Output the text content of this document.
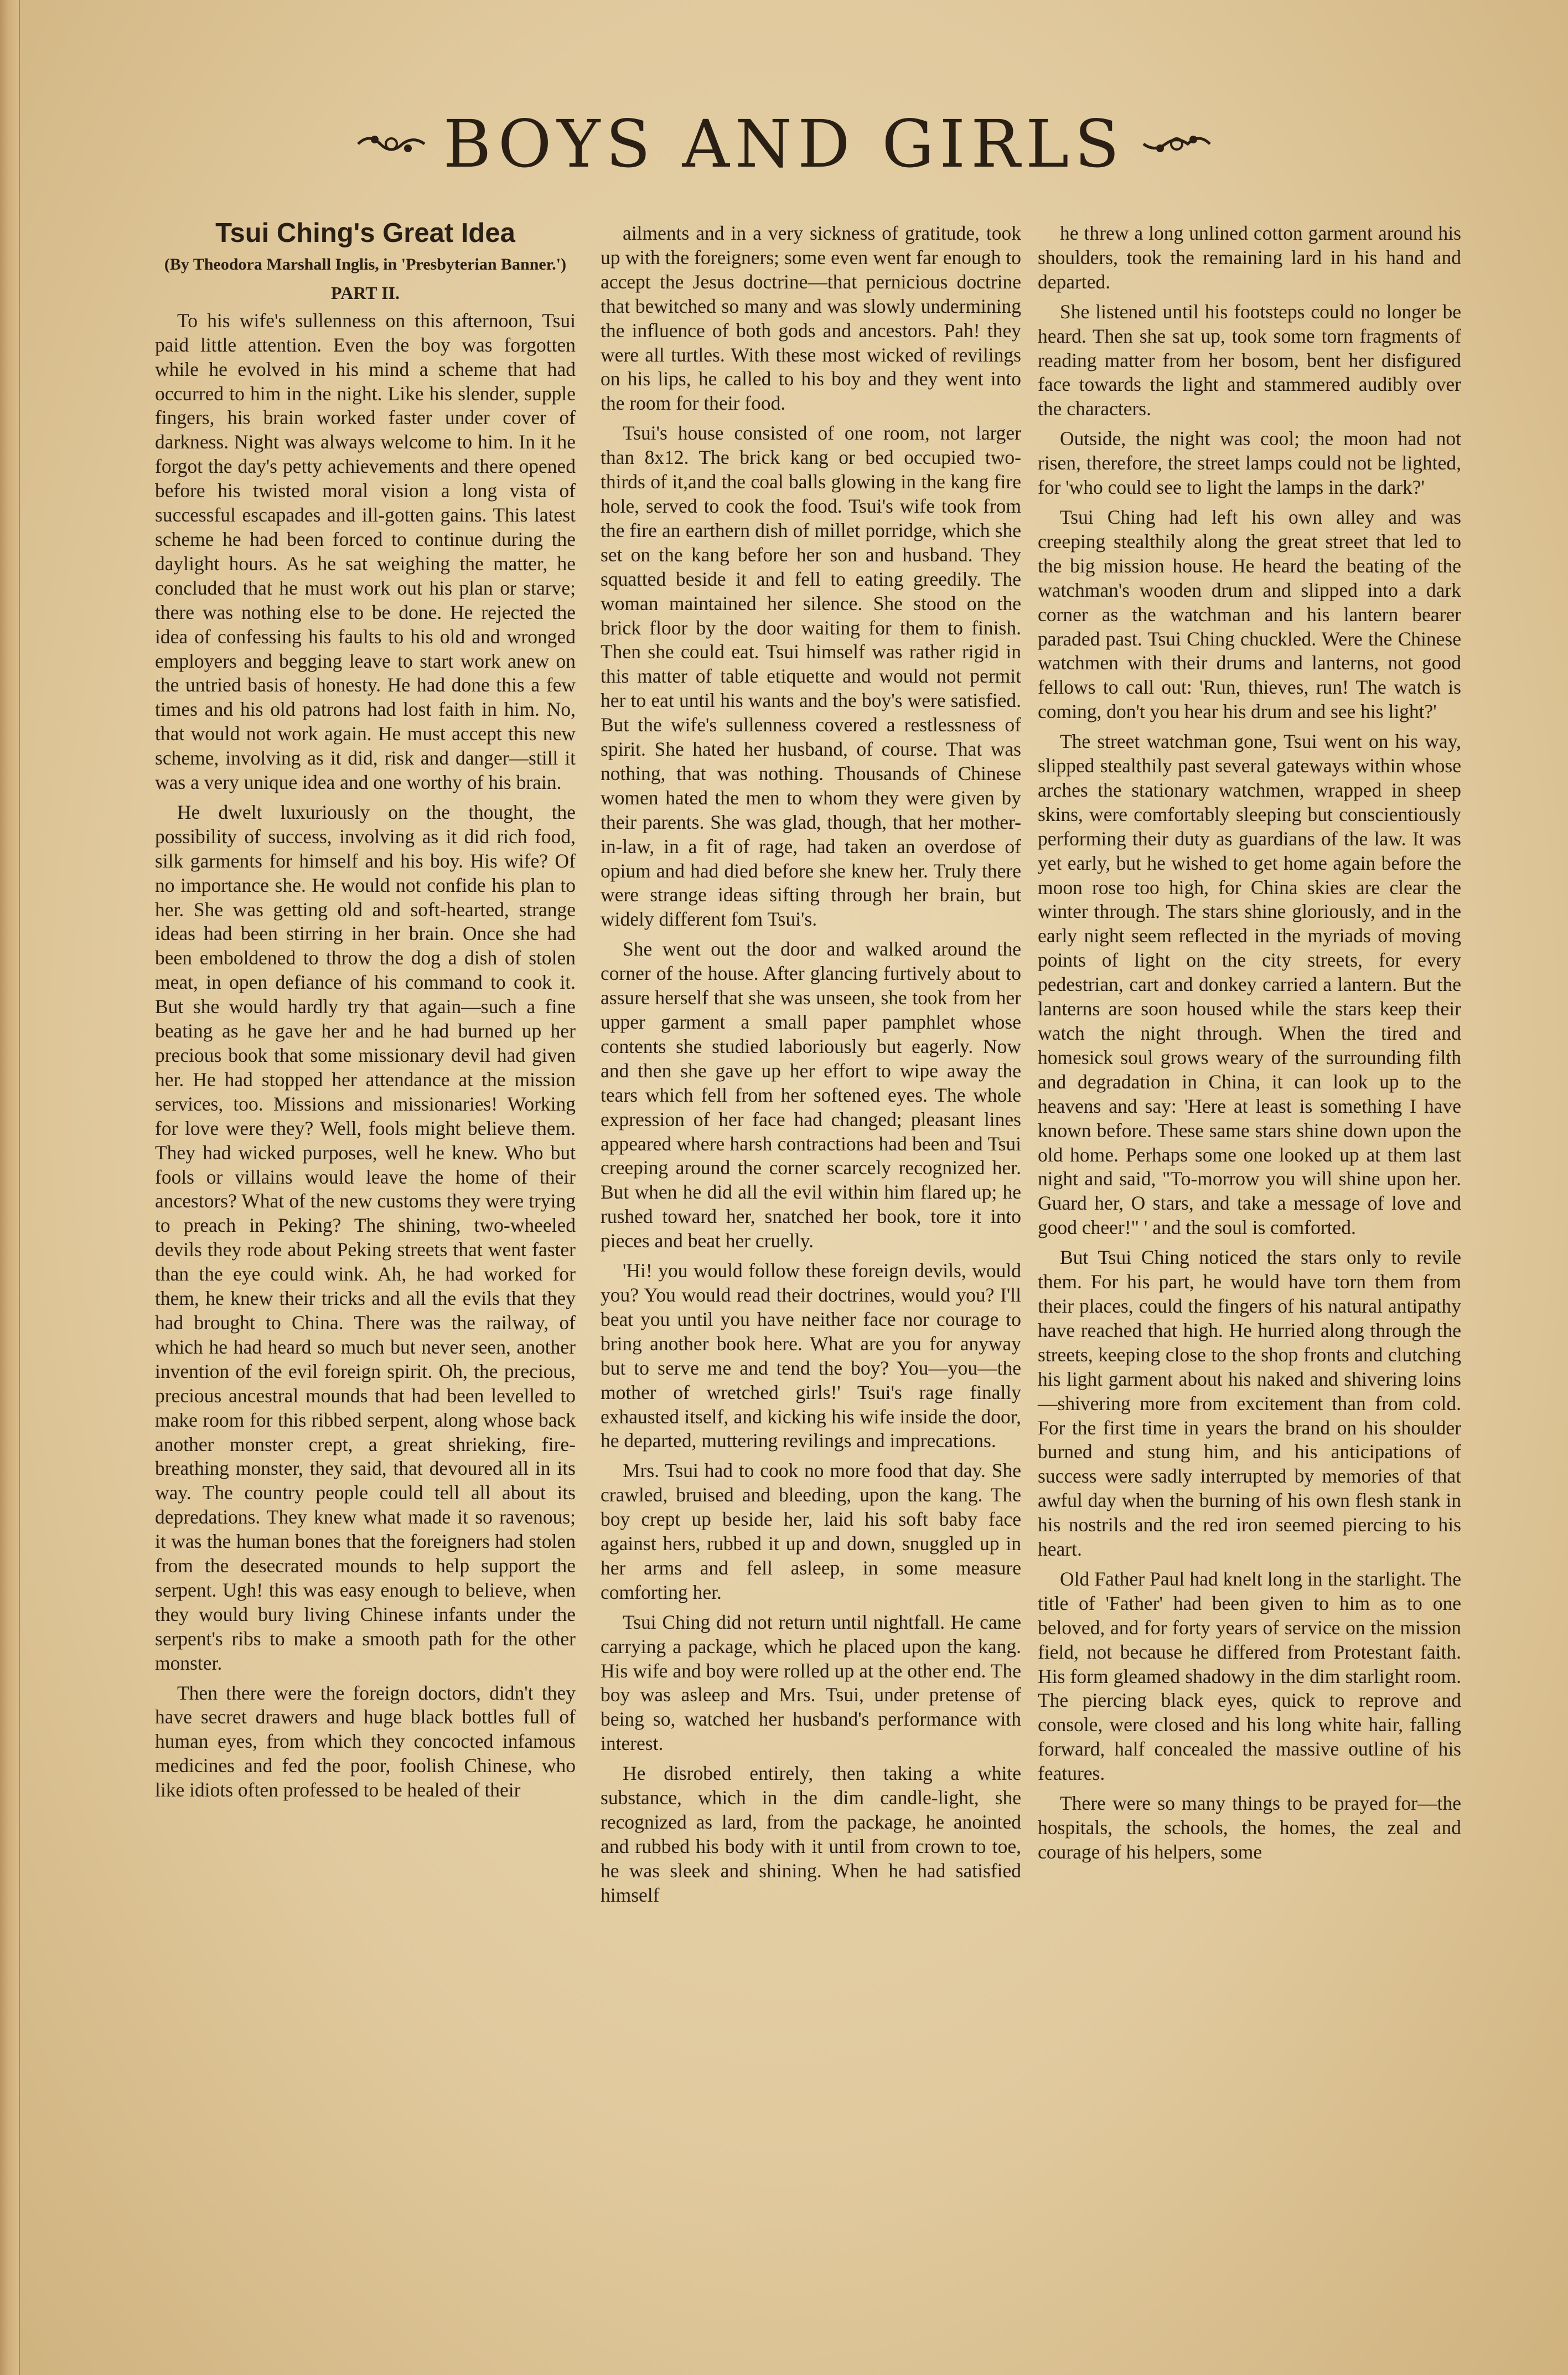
BOYS AND GIRLS
Tsui Ching's Great Idea
(By Theodora Marshall Inglis, in 'Presbyterian Banner.')
PART II.

To his wife's sullenness on this afternoon, Tsui paid little attention. Even the boy was forgotten while he evolved in his mind a scheme that had occurred to him in the night. Like his slender, supple fingers, his brain worked faster under cover of darkness. Night was always welcome to him. In it he forgot the day's petty achievements and there opened before his twisted moral vision a long vista of successful escapades and ill-gotten gains. This latest scheme he had been forced to continue during the daylight hours. As he sat weighing the matter, he concluded that he must work out his plan or starve; there was nothing else to be done. He rejected the idea of confessing his faults to his old and wronged employers and begging leave to start work anew on the untried basis of honesty. He had done this a few times and his old patrons had lost faith in him. No, that would not work again. He must accept this new scheme, involving as it did, risk and danger—still it was a very unique idea and one worthy of his brain.

He dwelt luxuriously on the thought, the possibility of success, involving as it did rich food, silk garments for himself and his boy. His wife? Of no importance she. He would not confide his plan to her. She was getting old and soft-hearted, strange ideas had been stirring in her brain. Once she had been emboldened to throw the dog a dish of stolen meat, in open defiance of his command to cook it. But she would hardly try that again—such a fine beating as he gave her and he had burned up her precious book that some missionary devil had given her. He had stopped her attendance at the mission services, too. Missions and missionaries! Working for love were they? Well, fools might believe them. They had wicked purposes, well he knew. Who but fools or villains would leave the home of their ancestors? What of the new customs they were trying to preach in Peking? The shining, two-wheeled devils they rode about Peking streets that went faster than the eye could wink. Ah, he had worked for them, he knew their tricks and all the evils that they had brought to China. There was the railway, of which he had heard so much but never seen, another invention of the evil foreign spirit. Oh, the precious, precious ancestral mounds that had been levelled to make room for this ribbed serpent, along whose back another monster crept, a great shrieking, fire-breathing monster, they said, that devoured all in its way. The country people could tell all about its depredations. They knew what made it so ravenous; it was the human bones that the foreigners had stolen from the desecrated mounds to help support the serpent. Ugh! this was easy enough to believe, when they would bury living Chinese infants under the serpent's ribs to make a smooth path for the other monster.

Then there were the foreign doctors, didn't they have secret drawers and huge black bottles full of human eyes, from which they concocted infamous medicines and fed the poor, foolish Chinese, who like idiots often professed to be healed of their

ailments and in a very sickness of gratitude, took up with the foreigners; some even went far enough to accept the Jesus doctrine—that pernicious doctrine that bewitched so many and was slowly undermining the influence of both gods and ancestors. Pah! they were all turtles. With these most wicked of revilings on his lips, he called to his boy and they went into the room for their food.

Tsui's house consisted of one room, not larger than 8x12. The brick kang or bed occupied two-thirds of it,and the coal balls glowing in the kang fire hole, served to cook the food. Tsui's wife took from the fire an earthern dish of millet porridge, which she set on the kang before her son and husband. They squatted beside it and fell to eating greedily. The woman maintained her silence. She stood on the brick floor by the door waiting for them to finish. Then she could eat. Tsui himself was rather rigid in this matter of table etiquette and would not permit her to eat until his wants and the boy's were satisfied. But the wife's sullenness covered a restlessness of spirit. She hated her husband, of course. That was nothing, that was nothing. Thousands of Chinese women hated the men to whom they were given by their parents. She was glad, though, that her mother-in-law, in a fit of rage, had taken an overdose of opium and had died before she knew her. Truly there were strange ideas sifting through her brain, but widely different fom Tsui's.

She went out the door and walked around the corner of the house. After glancing furtively about to assure herself that she was unseen, she took from her upper garment a small paper pamphlet whose contents she studied laboriously but eagerly. Now and then she gave up her effort to wipe away the tears which fell from her softened eyes. The whole expression of her face had changed; pleasant lines appeared where harsh contractions had been and Tsui creeping around the corner scarcely recognized her. But when he did all the evil within him flared up; he rushed toward her, snatched her book, tore it into pieces and beat her cruelly.

'Hi! you would follow these foreign devils, would you? You would read their doctrines, would you? I'll beat you until you have neither face nor courage to bring another book here. What are you for anyway but to serve me and tend the boy? You—you—the mother of wretched girls!' Tsui's rage finally exhausted itself, and kicking his wife inside the door, he departed, muttering revilings and imprecations.

Mrs. Tsui had to cook no more food that day. She crawled, bruised and bleeding, upon the kang. The boy crept up beside her, laid his soft baby face against hers, rubbed it up and down, snuggled up in her arms and fell asleep, in some measure comforting her.

Tsui Ching did not return until nightfall. He came carrying a package, which he placed upon the kang. His wife and boy were rolled up at the other end. The boy was asleep and Mrs. Tsui, under pretense of being so, watched her husband's performance with interest.

He disrobed entirely, then taking a white substance, which in the dim candle-light, she recognized as lard, from the package, he anointed and rubbed his body with it until from crown to toe, he was sleek and shining. When he had satisfied himself

he threw a long unlined cotton garment around his shoulders, took the remaining lard in his hand and departed.

She listened until his footsteps could no longer be heard. Then she sat up, took some torn fragments of reading matter from her bosom, bent her disfigured face towards the light and stammered audibly over the characters.

Outside, the night was cool; the moon had not risen, therefore, the street lamps could not be lighted, for 'who could see to light the lamps in the dark?'

Tsui Ching had left his own alley and was creeping stealthily along the great street that led to the big mission house. He heard the beating of the watchman's wooden drum and slipped into a dark corner as the watchman and his lantern bearer paraded past. Tsui Ching chuckled. Were the Chinese watchmen with their drums and lanterns, not good fellows to call out: 'Run, thieves, run! The watch is coming, don't you hear his drum and see his light?'

The street watchman gone, Tsui went on his way, slipped stealthily past several gateways within whose arches the stationary watchmen, wrapped in sheep skins, were comfortably sleeping but conscientiously performing their duty as guardians of the law. It was yet early, but he wished to get home again before the moon rose too high, for China skies are clear the winter through. The stars shine gloriously, and in the early night seem reflected in the myriads of moving points of light on the city streets, for every pedestrian, cart and donkey carried a lantern. But the lanterns are soon housed while the stars keep their watch the night through. When the tired and homesick soul grows weary of the surrounding filth and degradation in China, it can look up to the heavens and say: 'Here at least is something I have known before. These same stars shine down upon the old home. Perhaps some one looked up at them last night and said, "To-morrow you will shine upon her. Guard her, O stars, and take a message of love and good cheer!" ' and the soul is comforted.

But Tsui Ching noticed the stars only to revile them. For his part, he would have torn them from their places, could the fingers of his natural antipathy have reached that high. He hurried along through the streets, keeping close to the shop fronts and clutching his light garment about his naked and shivering loins—shivering more from excitement than from cold. For the first time in years the brand on his shoulder burned and stung him, and his anticipations of success were sadly interrupted by memories of that awful day when the burning of his own flesh stank in his nostrils and the red iron seemed piercing to his heart.

Old Father Paul had knelt long in the starlight. The title of 'Father' had been given to him as to one beloved, and for forty years of service on the mission field, not because he differed from Protestant faith. His form gleamed shadowy in the dim starlight room. The piercing black eyes, quick to reprove and console, were closed and his long white hair, falling forward, half concealed the massive outline of his features.

There were so many things to be prayed for—the hospitals, the schools, the homes, the zeal and courage of his helpers, some
